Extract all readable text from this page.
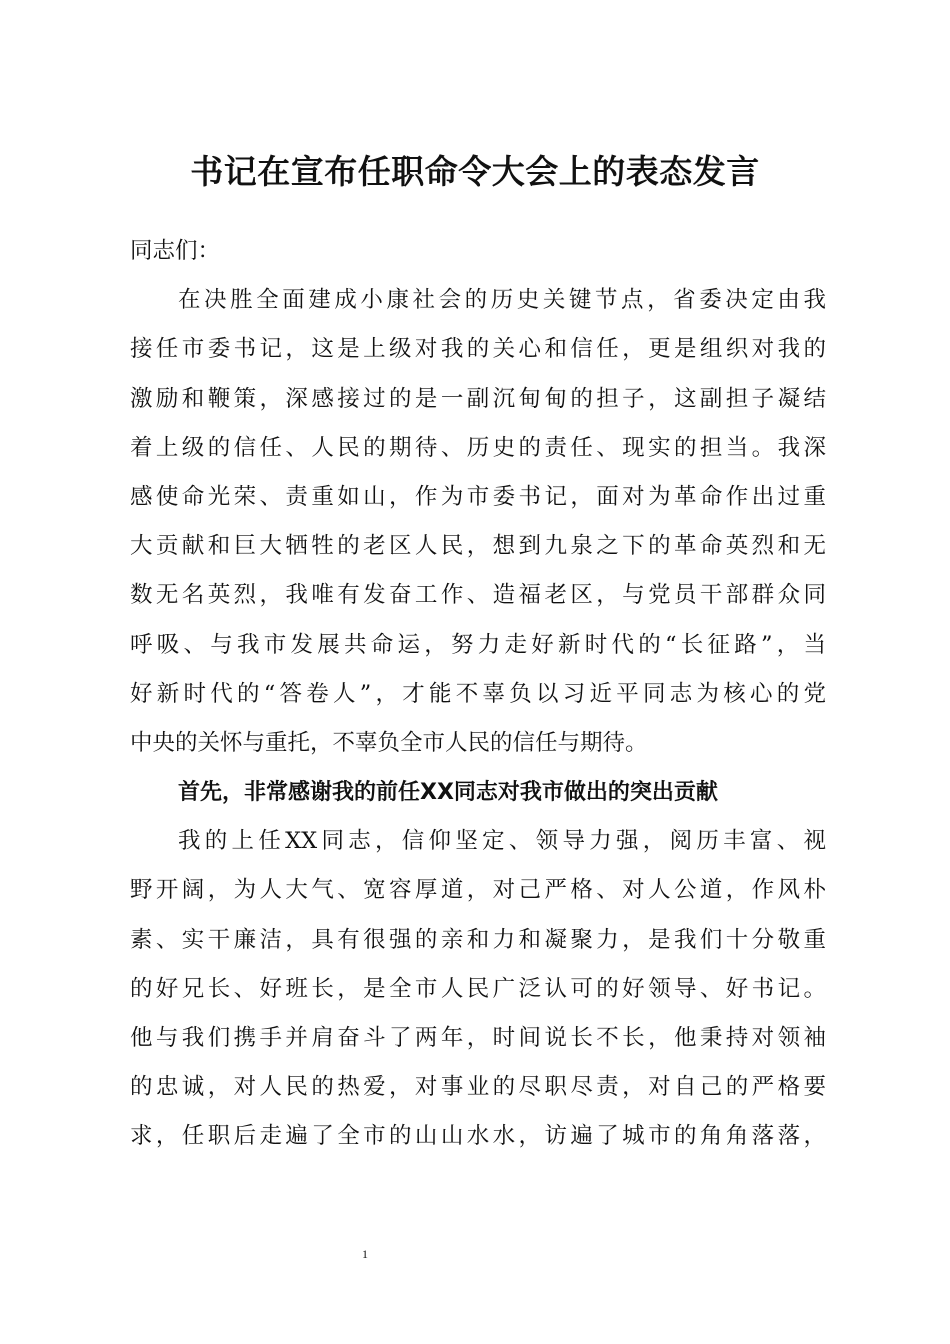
书记在宣布任职命令大会上的表态发言
同志们：
在决胜全面建成小康社会的历史关键节点，省委决定由我
接任市委书记，这是上级对我的关心和信任，更是组织对我的
激励和鞭策，深感接过的是一副沉甸甸的担子，这副担子凝结
着上级的信任、人民的期待、历史的责任、现实的担当。我深
感使命光荣、责重如山，作为市委书记，面对为革命作出过重
大贡献和巨大牺牲的老区人民，想到九泉之下的革命英烈和无
数无名英烈，我唯有发奋工作、造福老区，与党员干部群众同
呼吸、与我市发展共命运，努力走好新时代的“长征路”，当
好新时代的“答卷人”，才能不辜负以习近平同志为核心的党
中央的关怀与重托，不辜负全市人民的信任与期待。
首先，非常感谢我的前任XX同志对我市做出的突出贡献
我的上任XX同志，信仰坚定、领导力强，阅历丰富、视
野开阔，为人大气、宽容厚道，对己严格、对人公道，作风朴
素、实干廉洁，具有很强的亲和力和凝聚力，是我们十分敬重
的好兄长、好班长，是全市人民广泛认可的好领导、好书记。
他与我们携手并肩奋斗了两年，时间说长不长，他秉持对领袖
的忠诚，对人民的热爱，对事业的尽职尽责，对自己的严格要
求，任职后走遍了全市的山山水水，访遍了城市的角角落落，
1
